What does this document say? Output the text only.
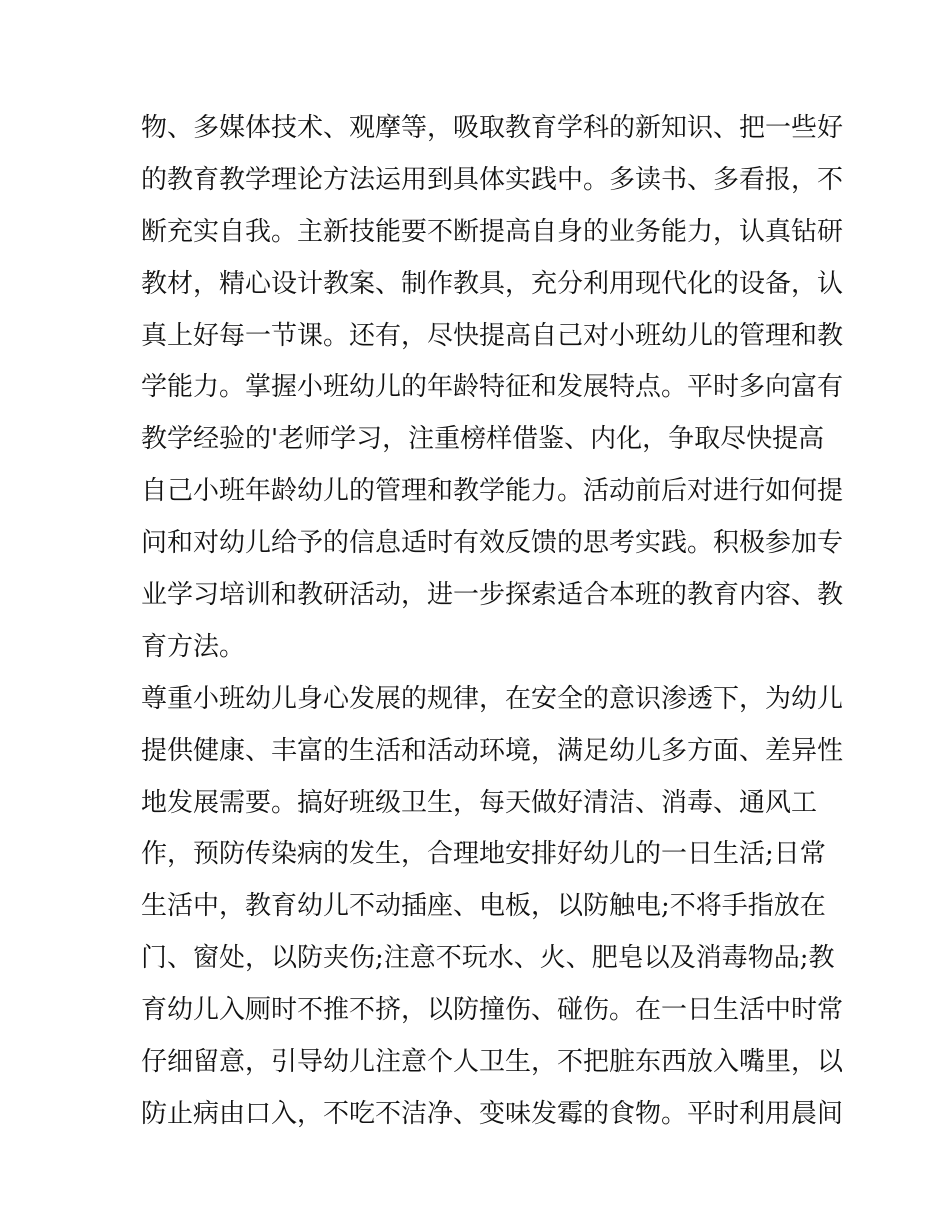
物、多媒体技术、观摩等，吸取教育学科的新知识、把一些好

的教育教学理论方法运用到具体实践中。多读书、多看报，不

断充实自我。主新技能要不断提高自身的业务能力，认真钻研

教材，精心设计教案、制作教具，充分利用现代化的设备，认

真上好每一节课。还有，尽快提高自己对小班幼儿的管理和教

学能力。掌握小班幼儿的年龄特征和发展特点。平时多向富有

教学经验的'老师学习，注重榜样借鉴、内化，争取尽快提高

自己小班年龄幼儿的管理和教学能力。活动前后对进行如何提

问和对幼儿给予的信息适时有效反馈的思考实践。积极参加专

业学习培训和教研活动，进一步探索适合本班的教育内容、教

育方法。

尊重小班幼儿身心发展的规律，在安全的意识渗透下，为幼儿

提供健康、丰富的生活和活动环境，满足幼儿多方面、差异性

地发展需要。搞好班级卫生，每天做好清洁、消毒、通风工

作，预防传染病的发生，合理地安排好幼儿的一日生活;日常

生活中，教育幼儿不动插座、电板，以防触电;不将手指放在

门、窗处，以防夹伤;注意不玩水、火、肥皂以及消毒物品;教

育幼儿入厕时不推不挤，以防撞伤、碰伤。在一日生活中时常

仔细留意，引导幼儿注意个人卫生，不把脏东西放入嘴里，以

防止病由口入，不吃不洁净、变味发霉的食物。平时利用晨间
